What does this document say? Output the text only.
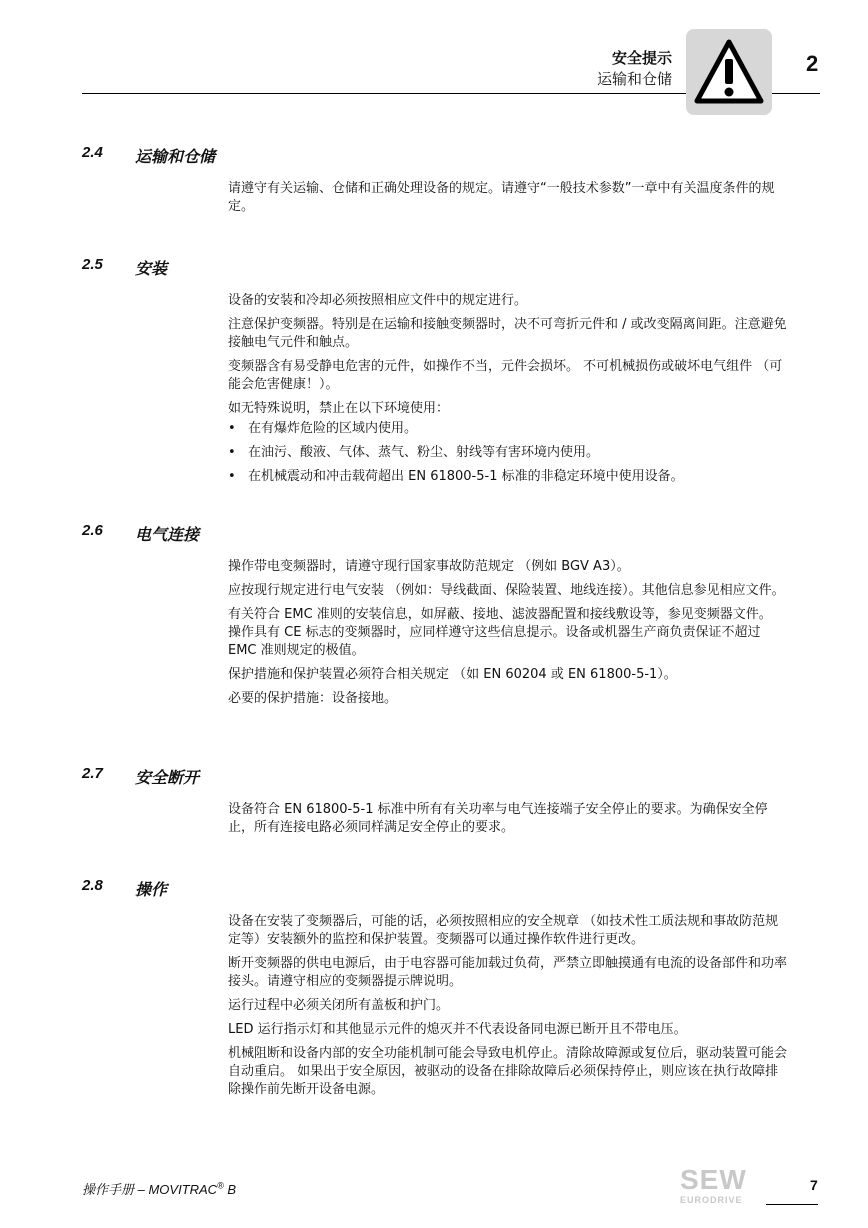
安全提示
运输和仓储
2
2.4 运输和仓储

请遵守有关运输、仓储和正确处理设备的规定。请遵守“一般技术参数”一章中有关温度条件的规定。

2.5 安装

设备的安装和冷却必须按照相应文件中的规定进行。

注意保护变频器。特别是在运输和接触变频器时，决不可弯折元件和 / 或改变隔离间距。注意避免接触电气元件和触点。

变频器含有易受静电危害的元件，如操作不当，元件会损坏。 不可机械损伤或破坏电气组件 （可能会危害健康！）。

如无特殊说明，禁止在以下环境使用：

• 在有爆炸危险的区域内使用。
• 在油污、酸液、气体、蒸气、粉尘、射线等有害环境内使用。
• 在机械震动和冲击载荷超出 EN 61800-5-1 标准的非稳定环境中使用设备。
2.6 电气连接

操作带电变频器时，请遵守现行国家事故防范规定 （例如 BGV A3）。

应按现行规定进行电气安装 （例如：导线截面、保险装置、地线连接）。其他信息参见相应文件。

有关符合 EMC 准则的安装信息，如屏蔽、接地、滤波器配置和接线敷设等，参见变频器文件。 操作具有 CE 标志的变频器时，应同样遵守这些信息提示。设备或机器生产商负责保证不超过 EMC 准则规定的极值。

保护措施和保护装置必须符合相关规定 （如 EN 60204 或 EN 61800-5-1）。

必要的保护措施：设备接地。

2.7 安全断开

设备符合 EN 61800-5-1 标准中所有有关功率与电气连接端子安全停止的要求。为确保安全停止，所有连接电路必须同样满足安全停止的要求。

2.8 操作

设备在安装了变频器后，可能的话，必须按照相应的安全规章 （如技术性工质法规和事故防范规定等）安装额外的监控和保护装置。变频器可以通过操作软件进行更改。

断开变频器的供电电源后，由于电容器可能加载过负荷，严禁立即触摸通有电流的设备部件和功率接头。请遵守相应的变频器提示牌说明。

运行过程中必须关闭所有盖板和护门。

LED 运行指示灯和其他显示元件的熄灭并不代表设备同电源已断开且不带电压。

机械阻断和设备内部的安全功能机制可能会导致电机停止。清除故障源或复位后，驱动装置可能会自动重启。 如果出于安全原因，被驱动的设备在排除故障后必须保持停止，则应该在执行故障排除操作前先断开设备电源。

操作手册 – MOVITRAC® B	SEW
EURODRIVE
7
